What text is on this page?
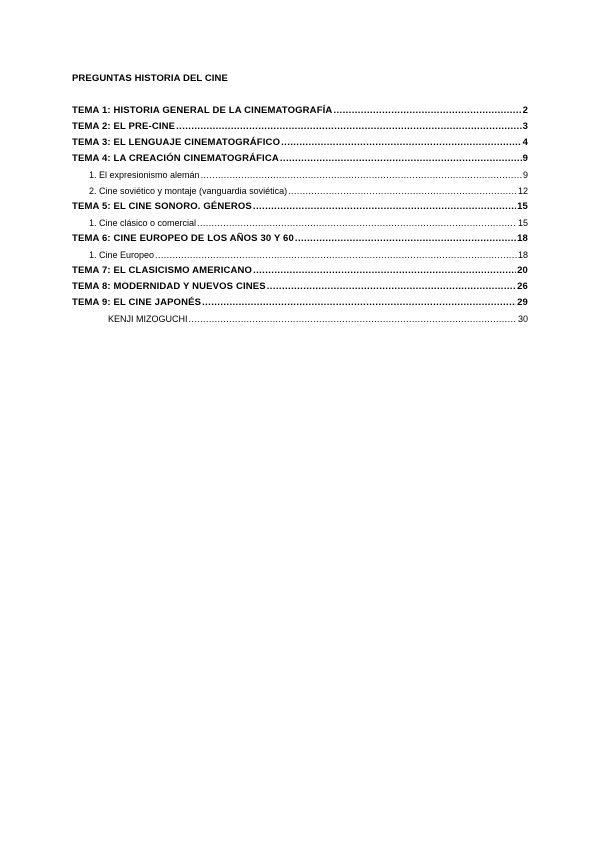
PREGUNTAS HISTORIA DEL CINE
TEMA 1: HISTORIA GENERAL DE LA CINEMATOGRAFÍA .....	2
TEMA 2: EL PRE-CINE .....	3
TEMA 3: EL LENGUAJE CINEMATOGRÁFICO .....	4
TEMA 4: LA CREACIÓN CINEMATOGRÁFICA .....	9
1. El expresionismo alemán .....	9
2. Cine soviético y montaje (vanguardia soviética) .....	12
TEMA 5: EL CINE SONORO. GÉNEROS .....	15
1. Cine clásico o comercial .....	15
TEMA 6: CINE EUROPEO DE LOS AÑOS 30 Y 60 .....	18
1. Cine Europeo .....	18
TEMA 7: EL CLASICISMO AMERICANO .....	20
TEMA 8: MODERNIDAD Y NUEVOS CINES .....	26
TEMA 9: EL CINE JAPONÉS .....	29
KENJI MIZOGUCHI .....	30
